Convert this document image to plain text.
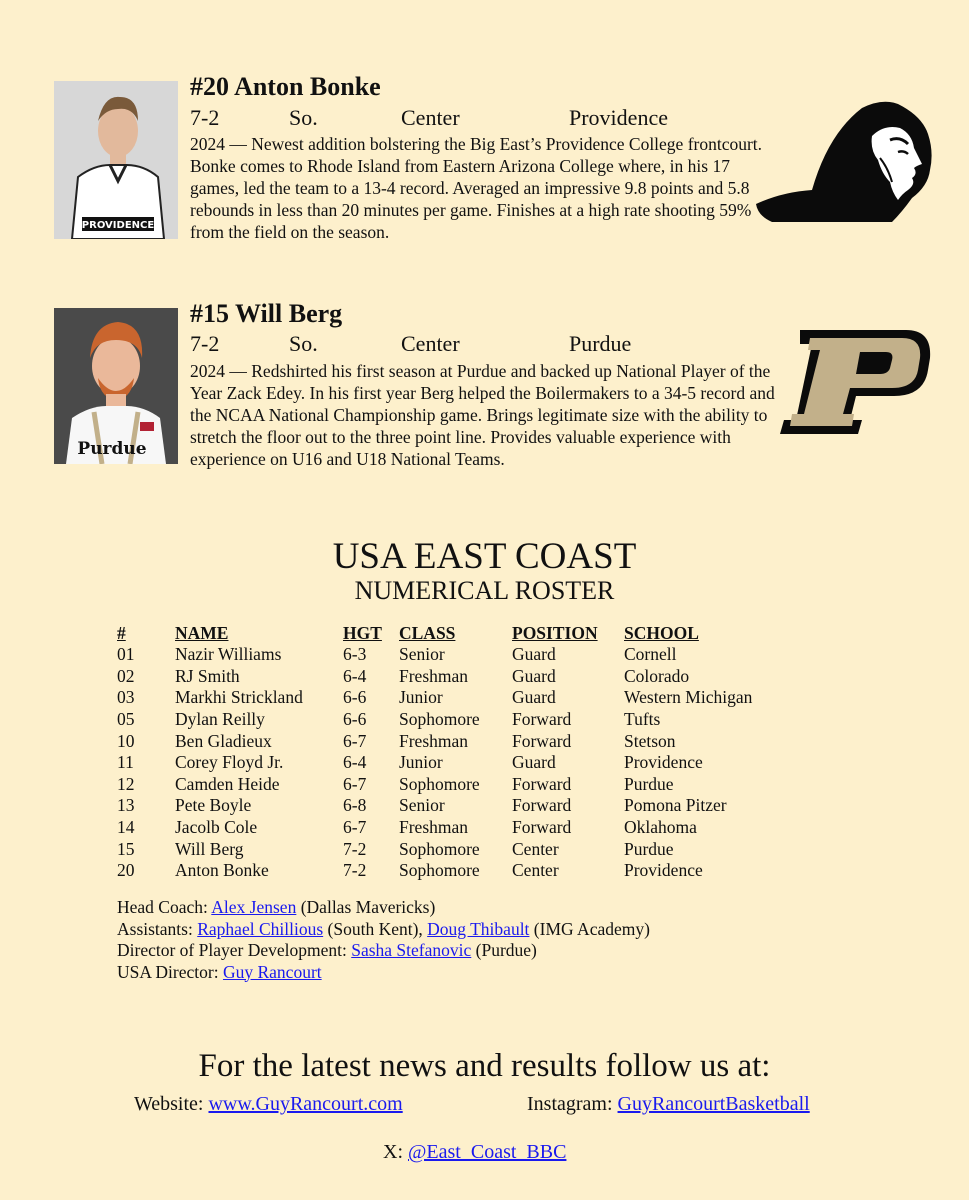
PROVIDENCE
#20 Anton Bonke
7-2	So.	Center	Providence
2024 — Newest addition bolstering the Big East’s Providence College frontcourt. Bonke comes to Rhode Island from Eastern Arizona College where, in his 17 games, led the team to a 13-4 record. Averaged an impressive 9.8 points and 5.8 rebounds in less than 20 minutes per game. Finishes at a high rate shooting 59% from the field on the season.
Purdue
#15 Will Berg
7-2	So.	Center	Purdue
2024 — Redshirted his first season at Purdue and backed up National Player of the Year Zack Edey. In his first year Berg helped the Boilermakers to a 34-5 record and the NCAA National Championship game. Brings legitimate size with the ability to stretch the floor out to the three point line. Provides valuable experience with experience on U16 and U18 National Teams.
USA EAST COAST
NUMERICAL ROSTER
#	NAME	HGT	CLASS	POSITION	SCHOOL
01	Nazir Williams	6-3	Senior	Guard	Cornell
02	RJ Smith	6-4	Freshman	Guard	Colorado
03	Markhi Strickland	6-6	Junior	Guard	Western Michigan
05	Dylan Reilly	6-6	Sophomore	Forward	Tufts
10	Ben Gladieux	6-7	Freshman	Forward	Stetson
11	Corey Floyd Jr.	6-4	Junior	Guard	Providence
12	Camden Heide	6-7	Sophomore	Forward	Purdue
13	Pete Boyle	6-8	Senior	Forward	Pomona Pitzer
14	Jacolb Cole	6-7	Freshman	Forward	Oklahoma
15	Will Berg	7-2	Sophomore	Center	Purdue
20	Anton Bonke	7-2	Sophomore	Center	Providence
Head Coach: Alex Jensen (Dallas Mavericks)
Assistants: Raphael Chillious (South Kent), Doug Thibault (IMG Academy)
Director of Player Development: Sasha Stefanovic (Purdue)
USA Director: Guy Rancourt
For the latest news and results follow us at:
Website: www.GuyRancourt.com	Instagram: GuyRancourtBasketball
X: @East_Coast_BBC
